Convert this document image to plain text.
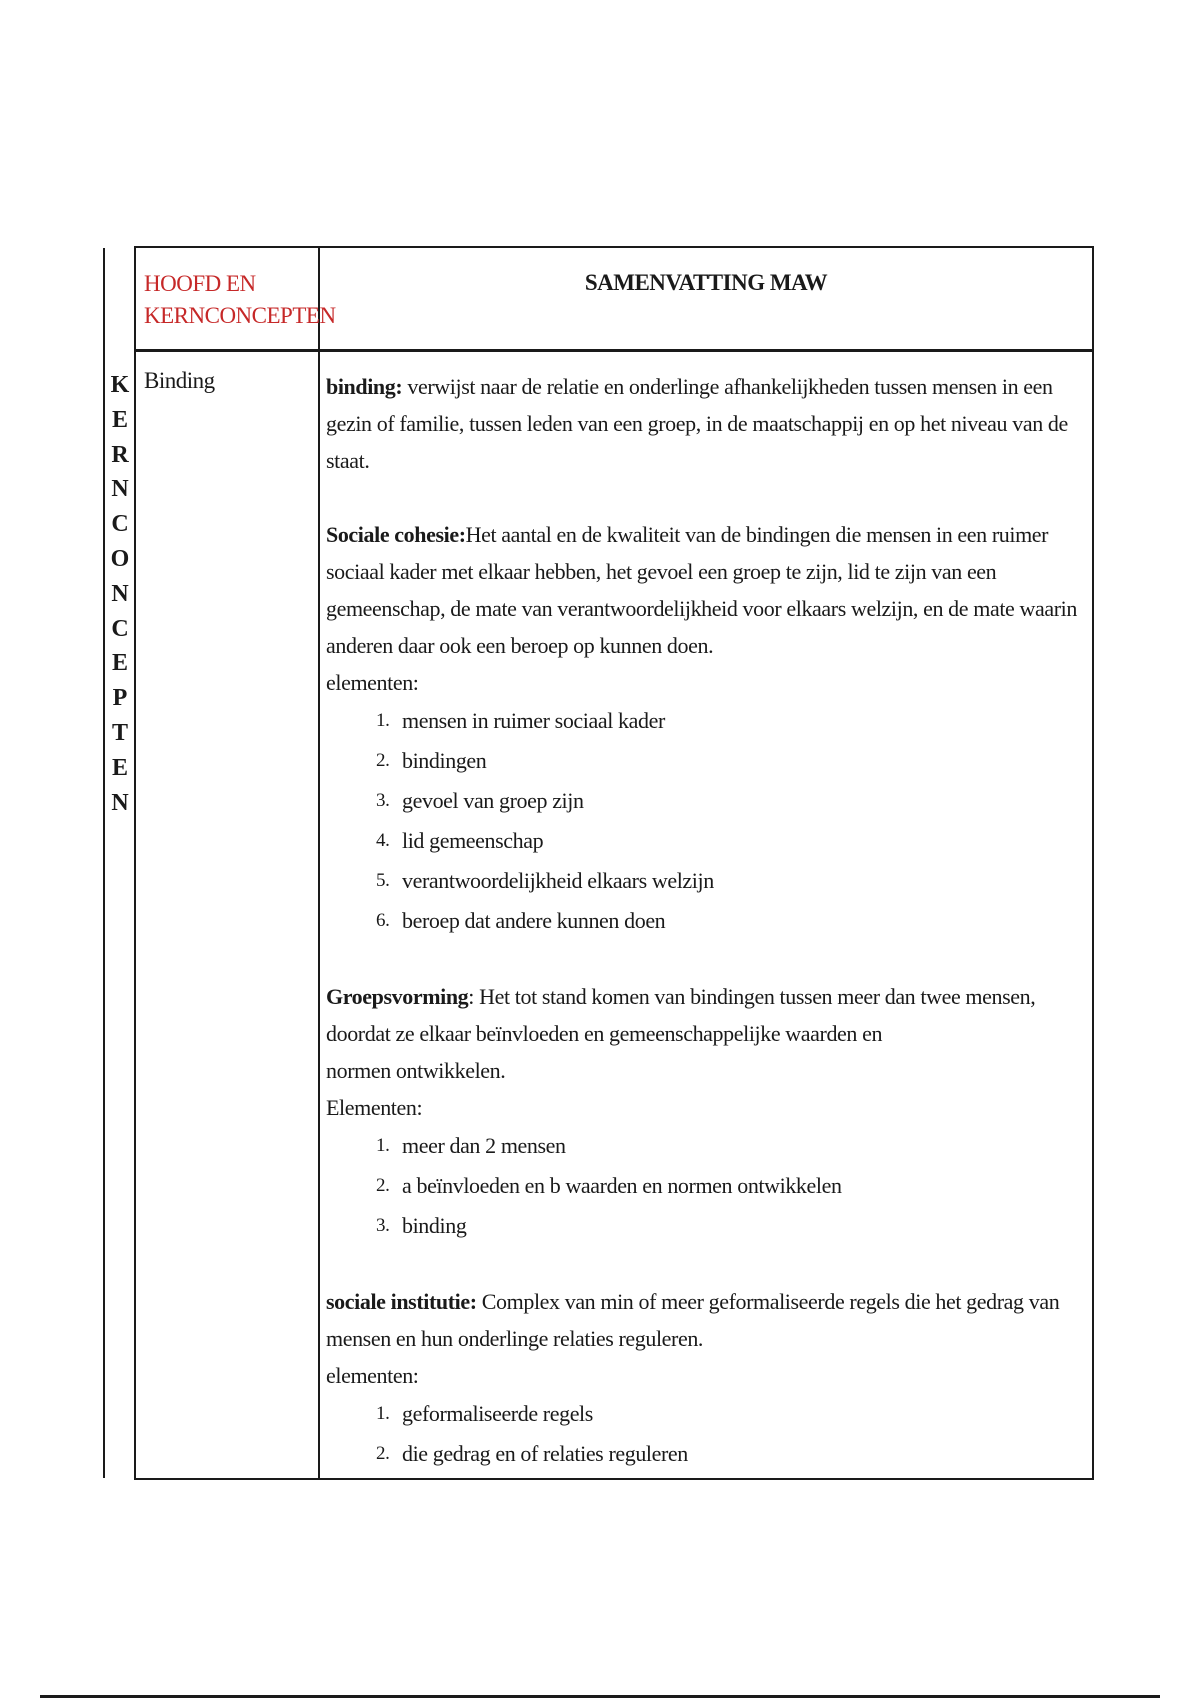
K
E
R
N
C
O
N
C
E
P
T
E
N
HOOFD EN KERNCONCEPTEN
SAMENVATTING MAW
Binding	binding: verwijst naar de relatie en onderlinge afhankelijkheden tussen mensen in een gezin of familie, tussen leden van een groep, in de maatschappij en op het niveau van de staat.

Sociale cohesie:Het aantal en de kwaliteit van de bindingen die mensen in een ruimer sociaal kader met elkaar hebben, het gevoel een groep te zijn, lid te zijn van een gemeenschap, de mate van verantwoordelijkheid voor elkaars welzijn, en de mate waarin anderen daar ook een beroep op kunnen doen.

elementen:

1. mensen in ruimer sociaal kader
2. bindingen
3. gevoel van groep zijn
4. lid gemeenschap
5. verantwoordelijkheid elkaars welzijn
6. beroep dat andere kunnen doen

Groepsvorming: Het tot stand komen van bindingen tussen meer dan twee mensen,

doordat ze elkaar beïnvloeden en gemeenschappelijke waarden en

normen ontwikkelen.

Elementen:

1. meer dan 2 mensen
2. a beïnvloeden en b waarden en normen ontwikkelen
3. binding

sociale institutie: Complex van min of meer geformaliseerde regels die het gedrag van mensen en hun onderlinge relaties reguleren.

elementen:

1. geformaliseerde regels
2. die gedrag en of relaties reguleren
